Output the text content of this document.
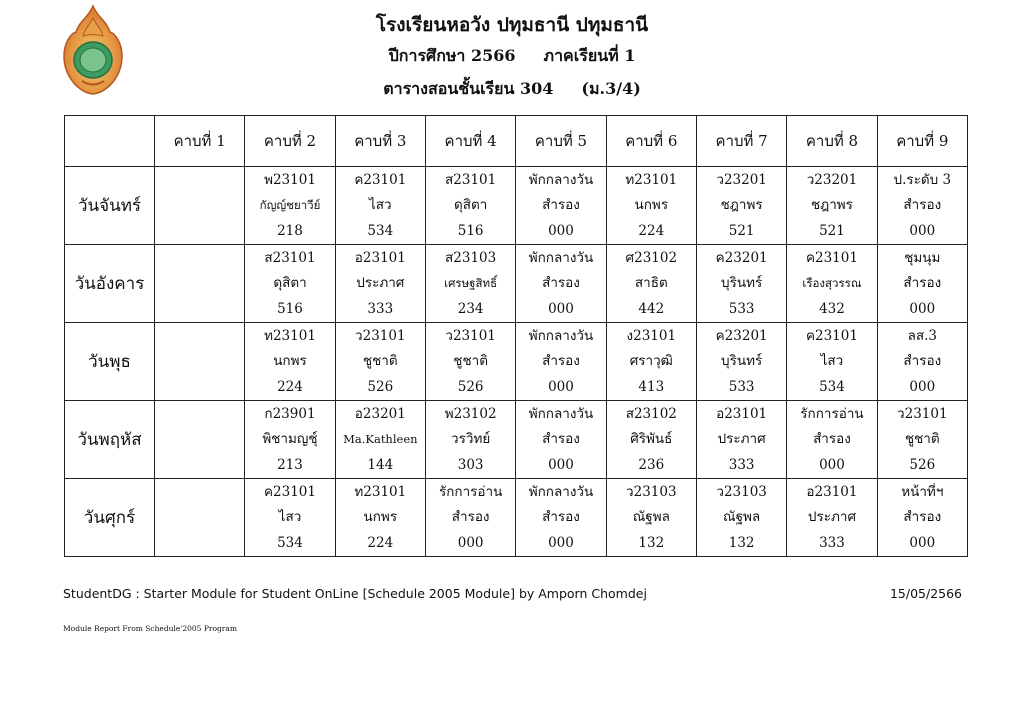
โรงเรียนหอวัง ปทุมธานี ปทุมธานี
ปีการศึกษา 2566 ภาคเรียนที่ 1
ตารางสอนชั้นเรียน 304 (ม.3/4)
	คาบที่ 1	คาบที่ 2	คาบที่ 3	คาบที่ 4	คาบที่ 5	คาบที่ 6	คาบที่ 7	คาบที่ 8	คาบที่ 9
วันจันทร์		พ23101
กัญญ์ชยาวีย์
218	ค23101
ไสว
534	ส23101
ดุสิตา
516	พักกลางวัน
สำรอง
000	ท23101
นกพร
224	ว23201
ชฎาพร
521	ว23201
ชฎาพร
521	ป.ระดับ 3
สำรอง
000

วันอังคาร		ส23101
ดุสิตา
516	อ23101
ประภาศ
333	ส23103
เศรษฐสิทธิ์
234	พักกลางวัน
สำรอง
000	ศ23102
สาธิต
442	ค23201
บุรินทร์
533	ค23101
เรืองสุวรรณ
432	ชุมนุม
สำรอง
000

วันพุธ		ท23101
นกพร
224	ว23101
ชูชาติ
526	ว23101
ชูชาติ
526	พักกลางวัน
สำรอง
000	ง23101
ศราวุฒิ
413	ค23201
บุรินทร์
533	ค23101
ไสว
534	ลส.3
สำรอง
000

วันพฤหัส		ก23901
พิชามญชุ์
213	อ23201
Ma.Kathleen
144	พ23102
วรวิทย์
303	พักกลางวัน
สำรอง
000	ส23102
ศิริพันธ์
236	อ23101
ประภาศ
333	รักการอ่าน
สำรอง
000	ว23101
ชูชาติ
526

วันศุกร์		ค23101
ไสว
534	ท23101
นกพร
224	รักการอ่าน
สำรอง
000	พักกลางวัน
สำรอง
000	ว23103
ณัฐพล
132	ว23103
ณัฐพล
132	อ23101
ประภาศ
333	หน้าที่ฯ
สำรอง
000
StudentDG : Starter Module for Student OnLine [Schedule 2005 Module] by Amporn Chomdej	15/05/2566
Module Report From Schedule'2005 Program
